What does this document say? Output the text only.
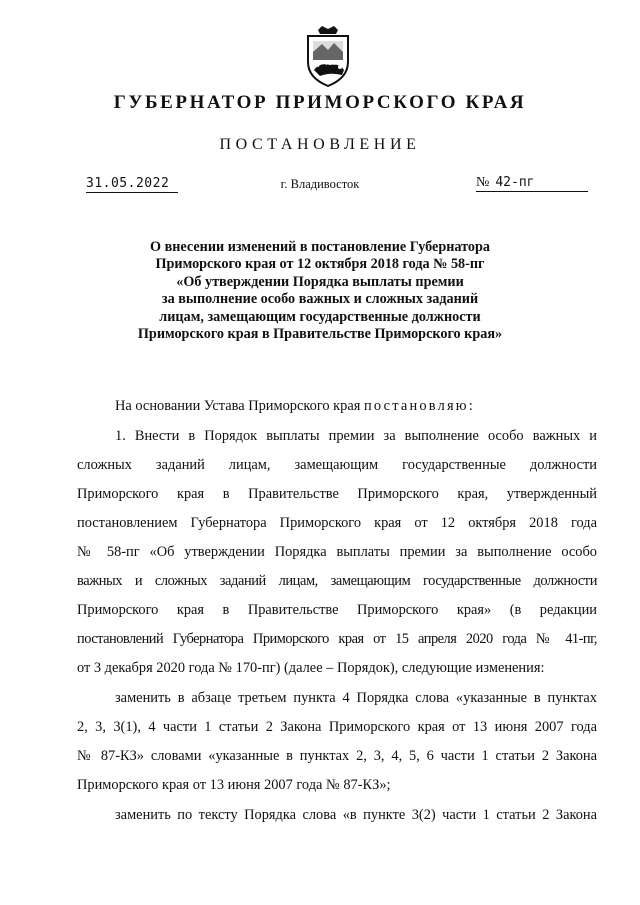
ГУБЕРНАТОР ПРИМОРСКОГО КРАЯ
ПОСТАНОВЛЕНИЕ
31.05.2022	г. Владивосток	№ 42-пг
О внесении изменений в постановление Губернатора
Приморского края от 12 октября 2018 года № 58-пг
«Об утверждении Порядка выплаты премии
за выполнение особо важных и сложных заданий
лицам, замещающим государственные должности
Приморского края в Правительстве Приморского края»
На основании Устава Приморского края постановляю:
1. Внести в Порядок выплаты премии за выполнение особо важных и
сложных заданий лицам, замещающим государственные должности
Приморского края в Правительстве Приморского края, утвержденный
постановлением Губернатора Приморского края от 12 октября 2018 года
№ 58-пг «Об утверждении Порядка выплаты премии за выполнение особо
важных и сложных заданий лицам, замещающим государственные должности
Приморского края в Правительстве Приморского края» (в редакции
постановлений Губернатора Приморского края от 15 апреля 2020 года № 41-пг,
от 3 декабря 2020 года № 170-пг) (далее – Порядок), следующие изменения:
заменить в абзаце третьем пункта 4 Порядка слова «указанные в пунктах
2, 3, 3(1), 4 части 1 статьи 2 Закона Приморского края от 13 июня 2007 года
№ 87-КЗ» словами «указанные в пунктах 2, 3, 4, 5, 6 части 1 статьи 2 Закона
Приморского края от 13 июня 2007 года № 87-КЗ»;
заменить по тексту Порядка слова «в пункте 3(2) части 1 статьи 2 Закона
